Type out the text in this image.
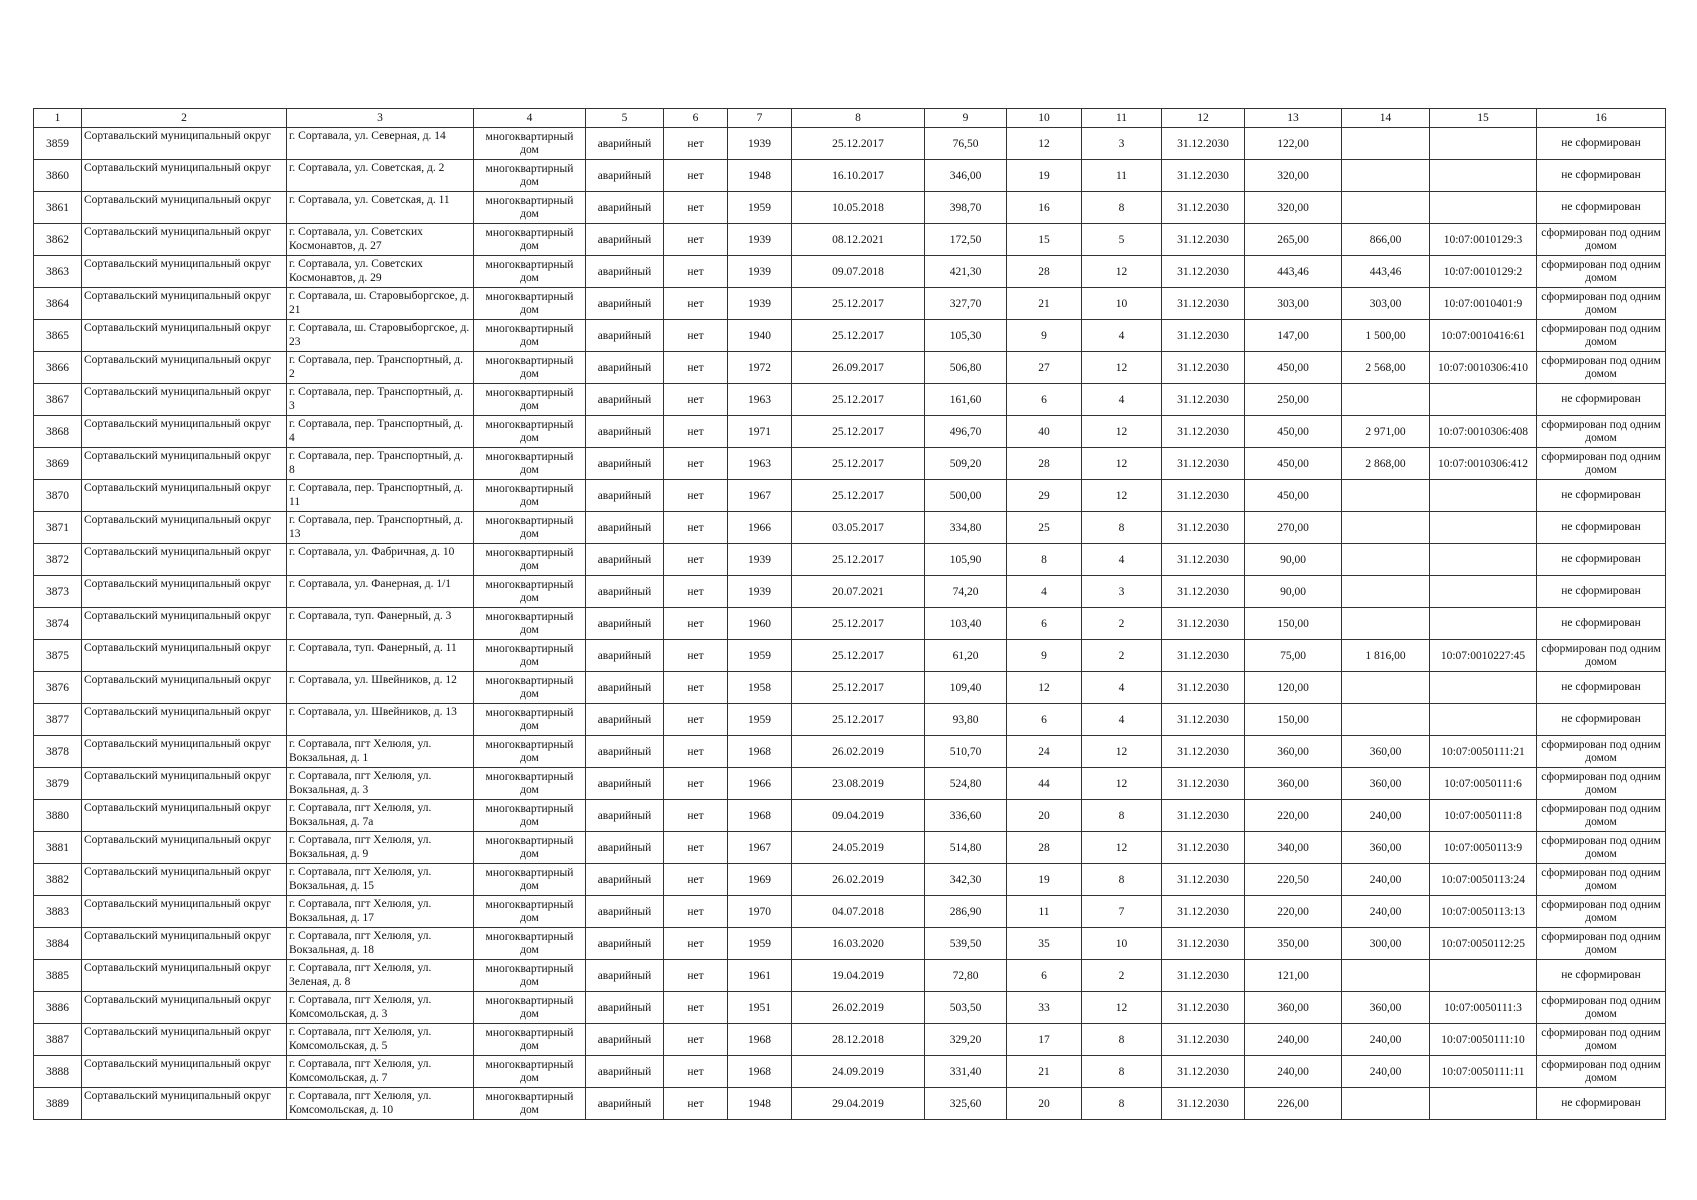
1	2	3	4	5	6	7	8	9	10	11	12	13	14	15	16
3859	Сортавальский муниципальный округ	г. Сортавала, ул. Северная, д. 14	многоквартирный дом	аварийный	нет	1939	25.12.2017	76,50	12	3	31.12.2030	122,00			не сформирован
3860	Сортавальский муниципальный округ	г. Сортавала, ул. Советская, д. 2	многоквартирный дом	аварийный	нет	1948	16.10.2017	346,00	19	11	31.12.2030	320,00			не сформирован
3861	Сортавальский муниципальный округ	г. Сортавала, ул. Советская, д. 11	многоквартирный дом	аварийный	нет	1959	10.05.2018	398,70	16	8	31.12.2030	320,00			не сформирован
3862	Сортавальский муниципальный округ	г. Сортавала, ул. Советских Космонавтов, д. 27	многоквартирный дом	аварийный	нет	1939	08.12.2021	172,50	15	5	31.12.2030	265,00	866,00	10:07:0010129:3	сформирован под одним домом
3863	Сортавальский муниципальный округ	г. Сортавала, ул. Советских Космонавтов, д. 29	многоквартирный дом	аварийный	нет	1939	09.07.2018	421,30	28	12	31.12.2030	443,46	443,46	10:07:0010129:2	сформирован под одним домом
3864	Сортавальский муниципальный округ	г. Сортавала, ш. Старовыборгское, д. 21	многоквартирный дом	аварийный	нет	1939	25.12.2017	327,70	21	10	31.12.2030	303,00	303,00	10:07:0010401:9	сформирован под одним домом
3865	Сортавальский муниципальный округ	г. Сортавала, ш. Старовыборгское, д. 23	многоквартирный дом	аварийный	нет	1940	25.12.2017	105,30	9	4	31.12.2030	147,00	1 500,00	10:07:0010416:61	сформирован под одним домом
3866	Сортавальский муниципальный округ	г. Сортавала, пер. Транспортный, д. 2	многоквартирный дом	аварийный	нет	1972	26.09.2017	506,80	27	12	31.12.2030	450,00	2 568,00	10:07:0010306:410	сформирован под одним домом
3867	Сортавальский муниципальный округ	г. Сортавала, пер. Транспортный, д. 3	многоквартирный дом	аварийный	нет	1963	25.12.2017	161,60	6	4	31.12.2030	250,00			не сформирован
3868	Сортавальский муниципальный округ	г. Сортавала, пер. Транспортный, д. 4	многоквартирный дом	аварийный	нет	1971	25.12.2017	496,70	40	12	31.12.2030	450,00	2 971,00	10:07:0010306:408	сформирован под одним домом
3869	Сортавальский муниципальный округ	г. Сортавала, пер. Транспортный, д. 8	многоквартирный дом	аварийный	нет	1963	25.12.2017	509,20	28	12	31.12.2030	450,00	2 868,00	10:07:0010306:412	сформирован под одним домом
3870	Сортавальский муниципальный округ	г. Сортавала, пер. Транспортный, д. 11	многоквартирный дом	аварийный	нет	1967	25.12.2017	500,00	29	12	31.12.2030	450,00			не сформирован
3871	Сортавальский муниципальный округ	г. Сортавала, пер. Транспортный, д. 13	многоквартирный дом	аварийный	нет	1966	03.05.2017	334,80	25	8	31.12.2030	270,00			не сформирован
3872	Сортавальский муниципальный округ	г. Сортавала, ул. Фабричная, д. 10	многоквартирный дом	аварийный	нет	1939	25.12.2017	105,90	8	4	31.12.2030	90,00			не сформирован
3873	Сортавальский муниципальный округ	г. Сортавала, ул. Фанерная, д. 1/1	многоквартирный дом	аварийный	нет	1939	20.07.2021	74,20	4	3	31.12.2030	90,00			не сформирован
3874	Сортавальский муниципальный округ	г. Сортавала, туп. Фанерный, д. 3	многоквартирный дом	аварийный	нет	1960	25.12.2017	103,40	6	2	31.12.2030	150,00			не сформирован
3875	Сортавальский муниципальный округ	г. Сортавала, туп. Фанерный, д. 11	многоквартирный дом	аварийный	нет	1959	25.12.2017	61,20	9	2	31.12.2030	75,00	1 816,00	10:07:0010227:45	сформирован под одним домом
3876	Сортавальский муниципальный округ	г. Сортавала, ул. Швейников, д. 12	многоквартирный дом	аварийный	нет	1958	25.12.2017	109,40	12	4	31.12.2030	120,00			не сформирован
3877	Сортавальский муниципальный округ	г. Сортавала, ул. Швейников, д. 13	многоквартирный дом	аварийный	нет	1959	25.12.2017	93,80	6	4	31.12.2030	150,00			не сформирован
3878	Сортавальский муниципальный округ	г. Сортавала, пгт Хелюля, ул. Вокзальная, д. 1	многоквартирный дом	аварийный	нет	1968	26.02.2019	510,70	24	12	31.12.2030	360,00	360,00	10:07:0050111:21	сформирован под одним домом
3879	Сортавальский муниципальный округ	г. Сортавала, пгт Хелюля, ул. Вокзальная, д. 3	многоквартирный дом	аварийный	нет	1966	23.08.2019	524,80	44	12	31.12.2030	360,00	360,00	10:07:0050111:6	сформирован под одним домом
3880	Сортавальский муниципальный округ	г. Сортавала, пгт Хелюля, ул. Вокзальная, д. 7а	многоквартирный дом	аварийный	нет	1968	09.04.2019	336,60	20	8	31.12.2030	220,00	240,00	10:07:0050111:8	сформирован под одним домом
3881	Сортавальский муниципальный округ	г. Сортавала, пгт Хелюля, ул. Вокзальная, д. 9	многоквартирный дом	аварийный	нет	1967	24.05.2019	514,80	28	12	31.12.2030	340,00	360,00	10:07:0050113:9	сформирован под одним домом
3882	Сортавальский муниципальный округ	г. Сортавала, пгт Хелюля, ул. Вокзальная, д. 15	многоквартирный дом	аварийный	нет	1969	26.02.2019	342,30	19	8	31.12.2030	220,50	240,00	10:07:0050113:24	сформирован под одним домом
3883	Сортавальский муниципальный округ	г. Сортавала, пгт Хелюля, ул. Вокзальная, д. 17	многоквартирный дом	аварийный	нет	1970	04.07.2018	286,90	11	7	31.12.2030	220,00	240,00	10:07:0050113:13	сформирован под одним домом
3884	Сортавальский муниципальный округ	г. Сортавала, пгт Хелюля, ул. Вокзальная, д. 18	многоквартирный дом	аварийный	нет	1959	16.03.2020	539,50	35	10	31.12.2030	350,00	300,00	10:07:0050112:25	сформирован под одним домом
3885	Сортавальский муниципальный округ	г. Сортавала, пгт Хелюля, ул. Зеленая, д. 8	многоквартирный дом	аварийный	нет	1961	19.04.2019	72,80	6	2	31.12.2030	121,00			не сформирован
3886	Сортавальский муниципальный округ	г. Сортавала, пгт Хелюля, ул. Комсомольская, д. 3	многоквартирный дом	аварийный	нет	1951	26.02.2019	503,50	33	12	31.12.2030	360,00	360,00	10:07:0050111:3	сформирован под одним домом
3887	Сортавальский муниципальный округ	г. Сортавала, пгт Хелюля, ул. Комсомольская, д. 5	многоквартирный дом	аварийный	нет	1968	28.12.2018	329,20	17	8	31.12.2030	240,00	240,00	10:07:0050111:10	сформирован под одним домом
3888	Сортавальский муниципальный округ	г. Сортавала, пгт Хелюля, ул. Комсомольская, д. 7	многоквартирный дом	аварийный	нет	1968	24.09.2019	331,40	21	8	31.12.2030	240,00	240,00	10:07:0050111:11	сформирован под одним домом
3889	Сортавальский муниципальный округ	г. Сортавала, пгт Хелюля, ул. Комсомольская, д. 10	многоквартирный дом	аварийный	нет	1948	29.04.2019	325,60	20	8	31.12.2030	226,00			не сформирован
